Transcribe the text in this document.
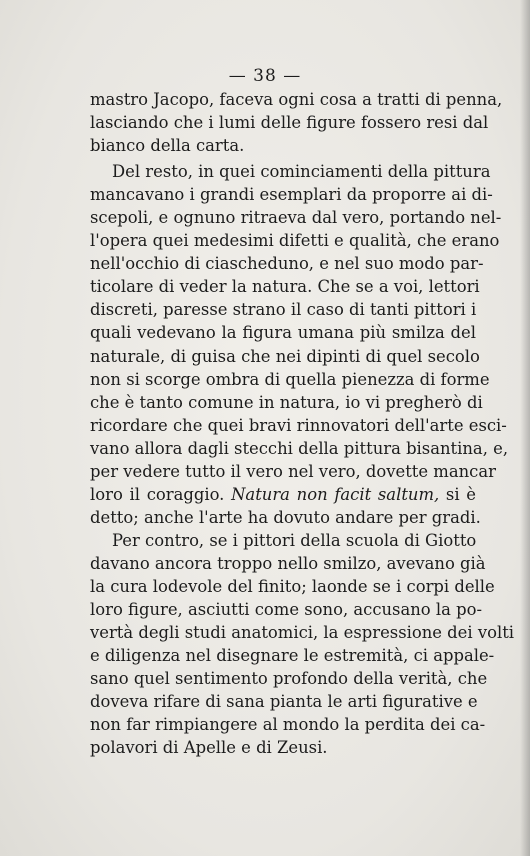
— 38 —
mastro Jacopo, faceva ogni cosa a tratti di penna,
lasciando che i lumi delle figure fossero resi dal
bianco della carta.
Del resto, in quei cominciamenti della pittura
mancavano i grandi esemplari da proporre ai di-
scepoli, e ognuno ritraeva dal vero, portando nel-
l'opera quei medesimi difetti e qualità, che erano
nell'occhio di ciascheduno, e nel suo modo par-
ticolare di veder la natura. Che se a voi, lettori
discreti, paresse strano il caso di tanti pittori i
quali vedevano la figura umana più smilza del
naturale, di guisa che nei dipinti di quel secolo
non si scorge ombra di quella pienezza di forme
che è tanto comune in natura, io vi pregherò di
ricordare che quei bravi rinnovatori dell'arte esci-
vano allora dagli stecchi della pittura bisantina, e,
per vedere tutto il vero nel vero, dovette mancar
loro il coraggio. Natura non facit saltum, si è
detto; anche l'arte ha dovuto andare per gradi.
Per contro, se i pittori della scuola di Giotto
davano ancora troppo nello smilzo, avevano già
la cura lodevole del finito; laonde se i corpi delle
loro figure, asciutti come sono, accusano la po-
vertà degli studi anatomici, la espressione dei volti
e diligenza nel disegnare le estremità, ci appale-
sano quel sentimento profondo della verità, che
doveva rifare di sana pianta le arti figurative e
non far rimpiangere al mondo la perdita dei ca-
polavori di Apelle e di Zeusi.
